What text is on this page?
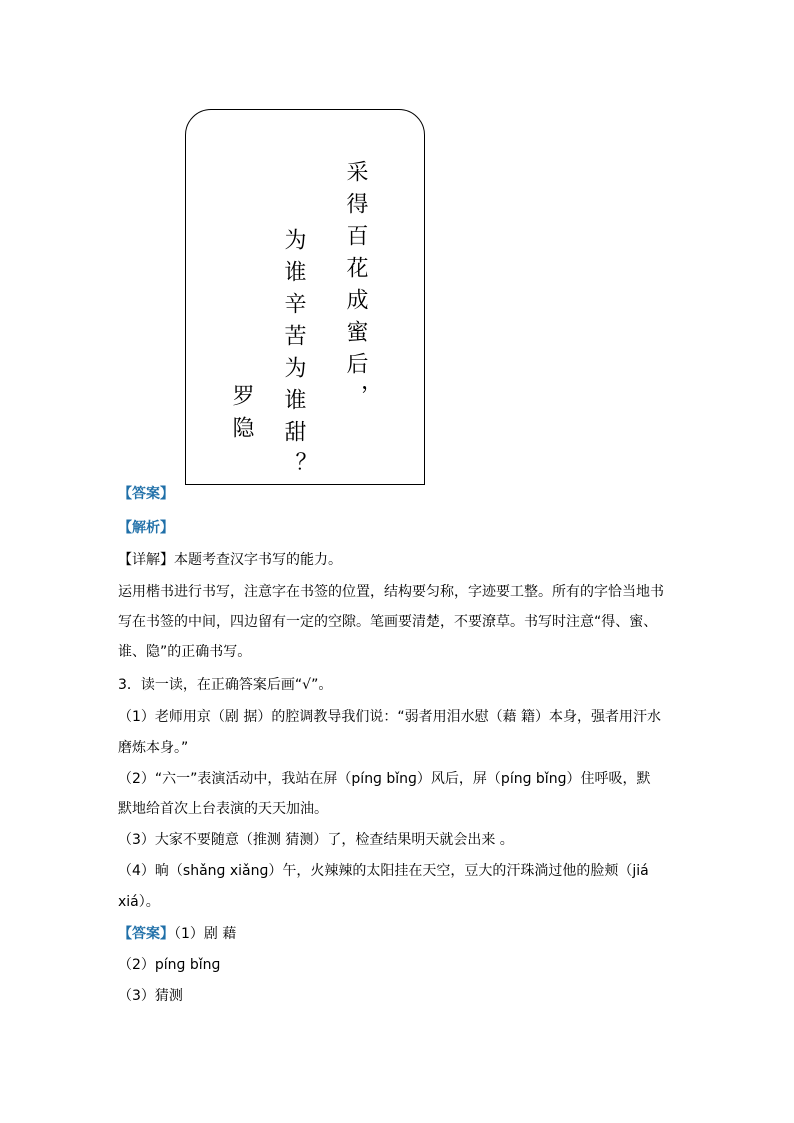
采得百花成蜜后，
为谁辛苦为谁甜？
罗隐
【答案】
【解析】
【详解】本题考查汉字书写的能力。
运用楷书进行书写，注意字在书签的位置，结构要匀称，字迹要工整。所有的字恰当地书
写在书签的中间，四边留有一定的空隙。笔画要清楚，不要潦草。书写时注意“得、蜜、
谁、隐”的正确书写。
3．读一读，在正确答案后画“√”。
（1）老师用京（剧 据）的腔调教导我们说：“弱者用泪水慰（藉 籍）本身，强者用汗水
磨炼本身。”
（2）“六一”表演活动中，我站在屏（pínɡ bǐnɡ）风后，屏（pínɡ bǐnɡ）住呼吸，默
默地给首次上台表演的天天加油。
（3）大家不要随意（推测 猜测）了，检查结果明天就会出来 。
（4）晌（shǎnɡ xiǎnɡ）午，火辣辣的太阳挂在天空，豆大的汗珠淌过他的脸颊（jiá
xiá）。
【答案】（1）剧 藉
（2）pínɡ bǐnɡ
（3）猜测
